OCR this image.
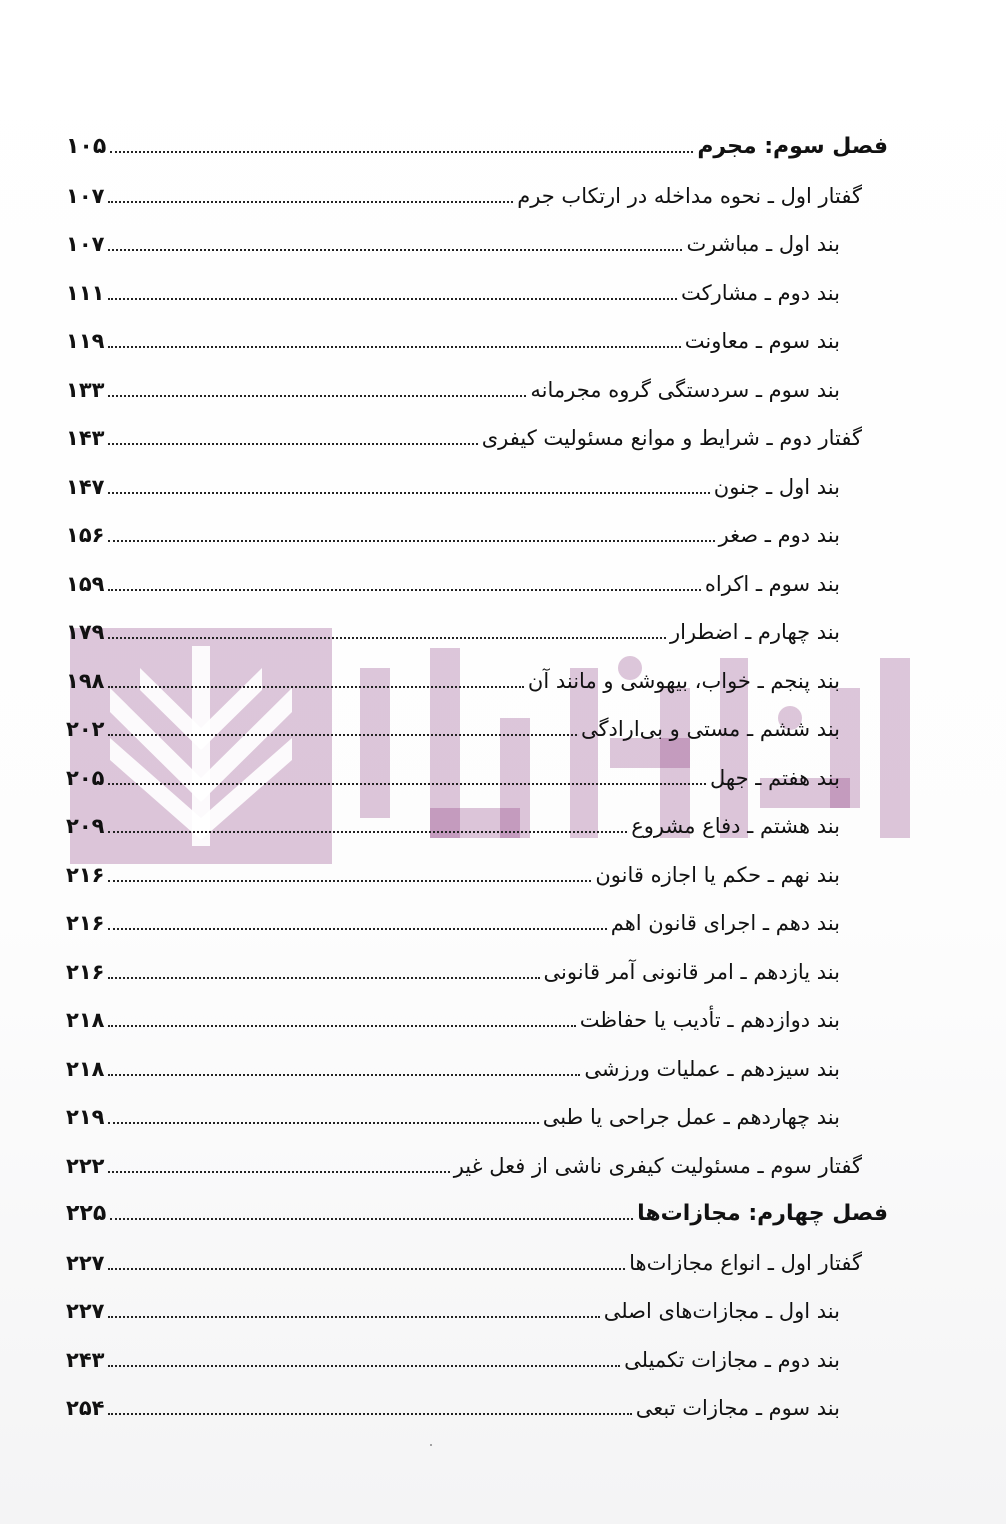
فصل سوم: مجرم
۱۰۵
گفتار اول ـ نحوه مداخله در ارتکاب جرم
۱۰۷
بند اول ـ مباشرت
۱۰۷
بند دوم ـ مشارکت
۱۱۱
بند سوم ـ معاونت
۱۱۹
بند سوم ـ سردستگی گروه مجرمانه
۱۳۳
گفتار دوم ـ شرایط و موانع مسئولیت کیفری
۱۴۳
بند اول ـ جنون
۱۴۷
بند دوم ـ صغر
۱۵۶
بند سوم ـ اکراه
۱۵۹
بند چهارم ـ اضطرار
۱۷۹
بند پنجم ـ خواب، بیهوشی و مانند آن
۱۹۸
بند ششم ـ مستی و بی‌ارادگی
۲۰۲
بند هفتم ـ جهل
۲۰۵
بند هشتم ـ دفاع مشروع
۲۰۹
بند نهم ـ حکم یا اجازه قانون
۲۱۶
بند دهم ـ اجرای قانون اهم
۲۱۶
بند یازدهم ـ امر قانونی آمر قانونی
۲۱۶
بند دوازدهم ـ تأدیب یا حفاظت
۲۱۸
بند سیزدهم ـ عملیات ورزشی
۲۱۸
بند چهاردهم ـ عمل جراحی یا طبی
۲۱۹
گفتار سوم ـ مسئولیت کیفری ناشی از فعل غیر
۲۲۲
فصل چهارم: مجازات‌ها
۲۲۵
گفتار اول ـ انواع مجازات‌ها
۲۲۷
بند اول ـ مجازات‌های اصلی
۲۲۷
بند دوم ـ مجازات تکمیلی
۲۴۳
بند سوم ـ مجازات تبعی
۲۵۴
